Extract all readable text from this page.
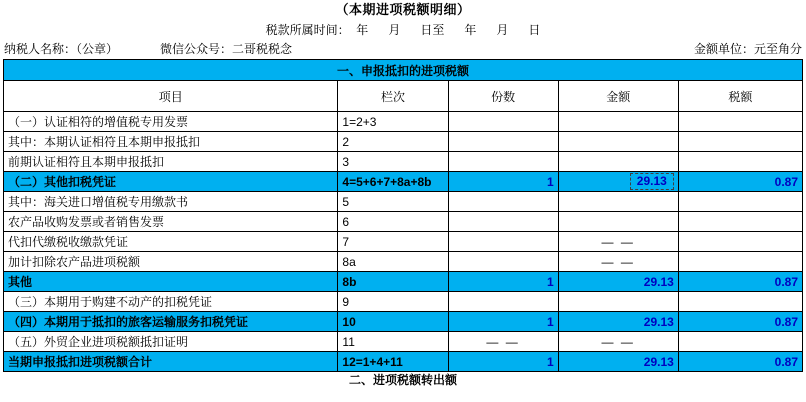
（本期进项税额明细）
税款所属时间：  年      月      日至      年      月      日
纳税人名称：（公章）	微信公众号：二哥税税念	金额单位：元至角分
一、申报抵扣的进项税额				
项目	栏次	份数	金额	税额
（一）认证相符的增值税专用发票	1=2+3			
其中：本期认证相符且本期申报抵扣	2			
前期认证相符且本期申报抵扣	3			
（二）其他扣税凭证	4=5+6+7+8a+8b	1	29.13	0.87
其中：海关进口增值税专用缴款书	5			
农产品收购发票或者销售发票	6			
代扣代缴税收缴款凭证	7		— —	
加计扣除农产品进项税额	8a		— —	
其他	8b	1	29.13	0.87
（三）本期用于购建不动产的扣税凭证	9			
（四）本期用于抵扣的旅客运输服务扣税凭证	10	1	29.13	0.87
（五）外贸企业进项税额抵扣证明	11	— —	— —	
当期申报抵扣进项税额合计	12=1+4+11	1	29.13	0.87
二、进项税额转出额
